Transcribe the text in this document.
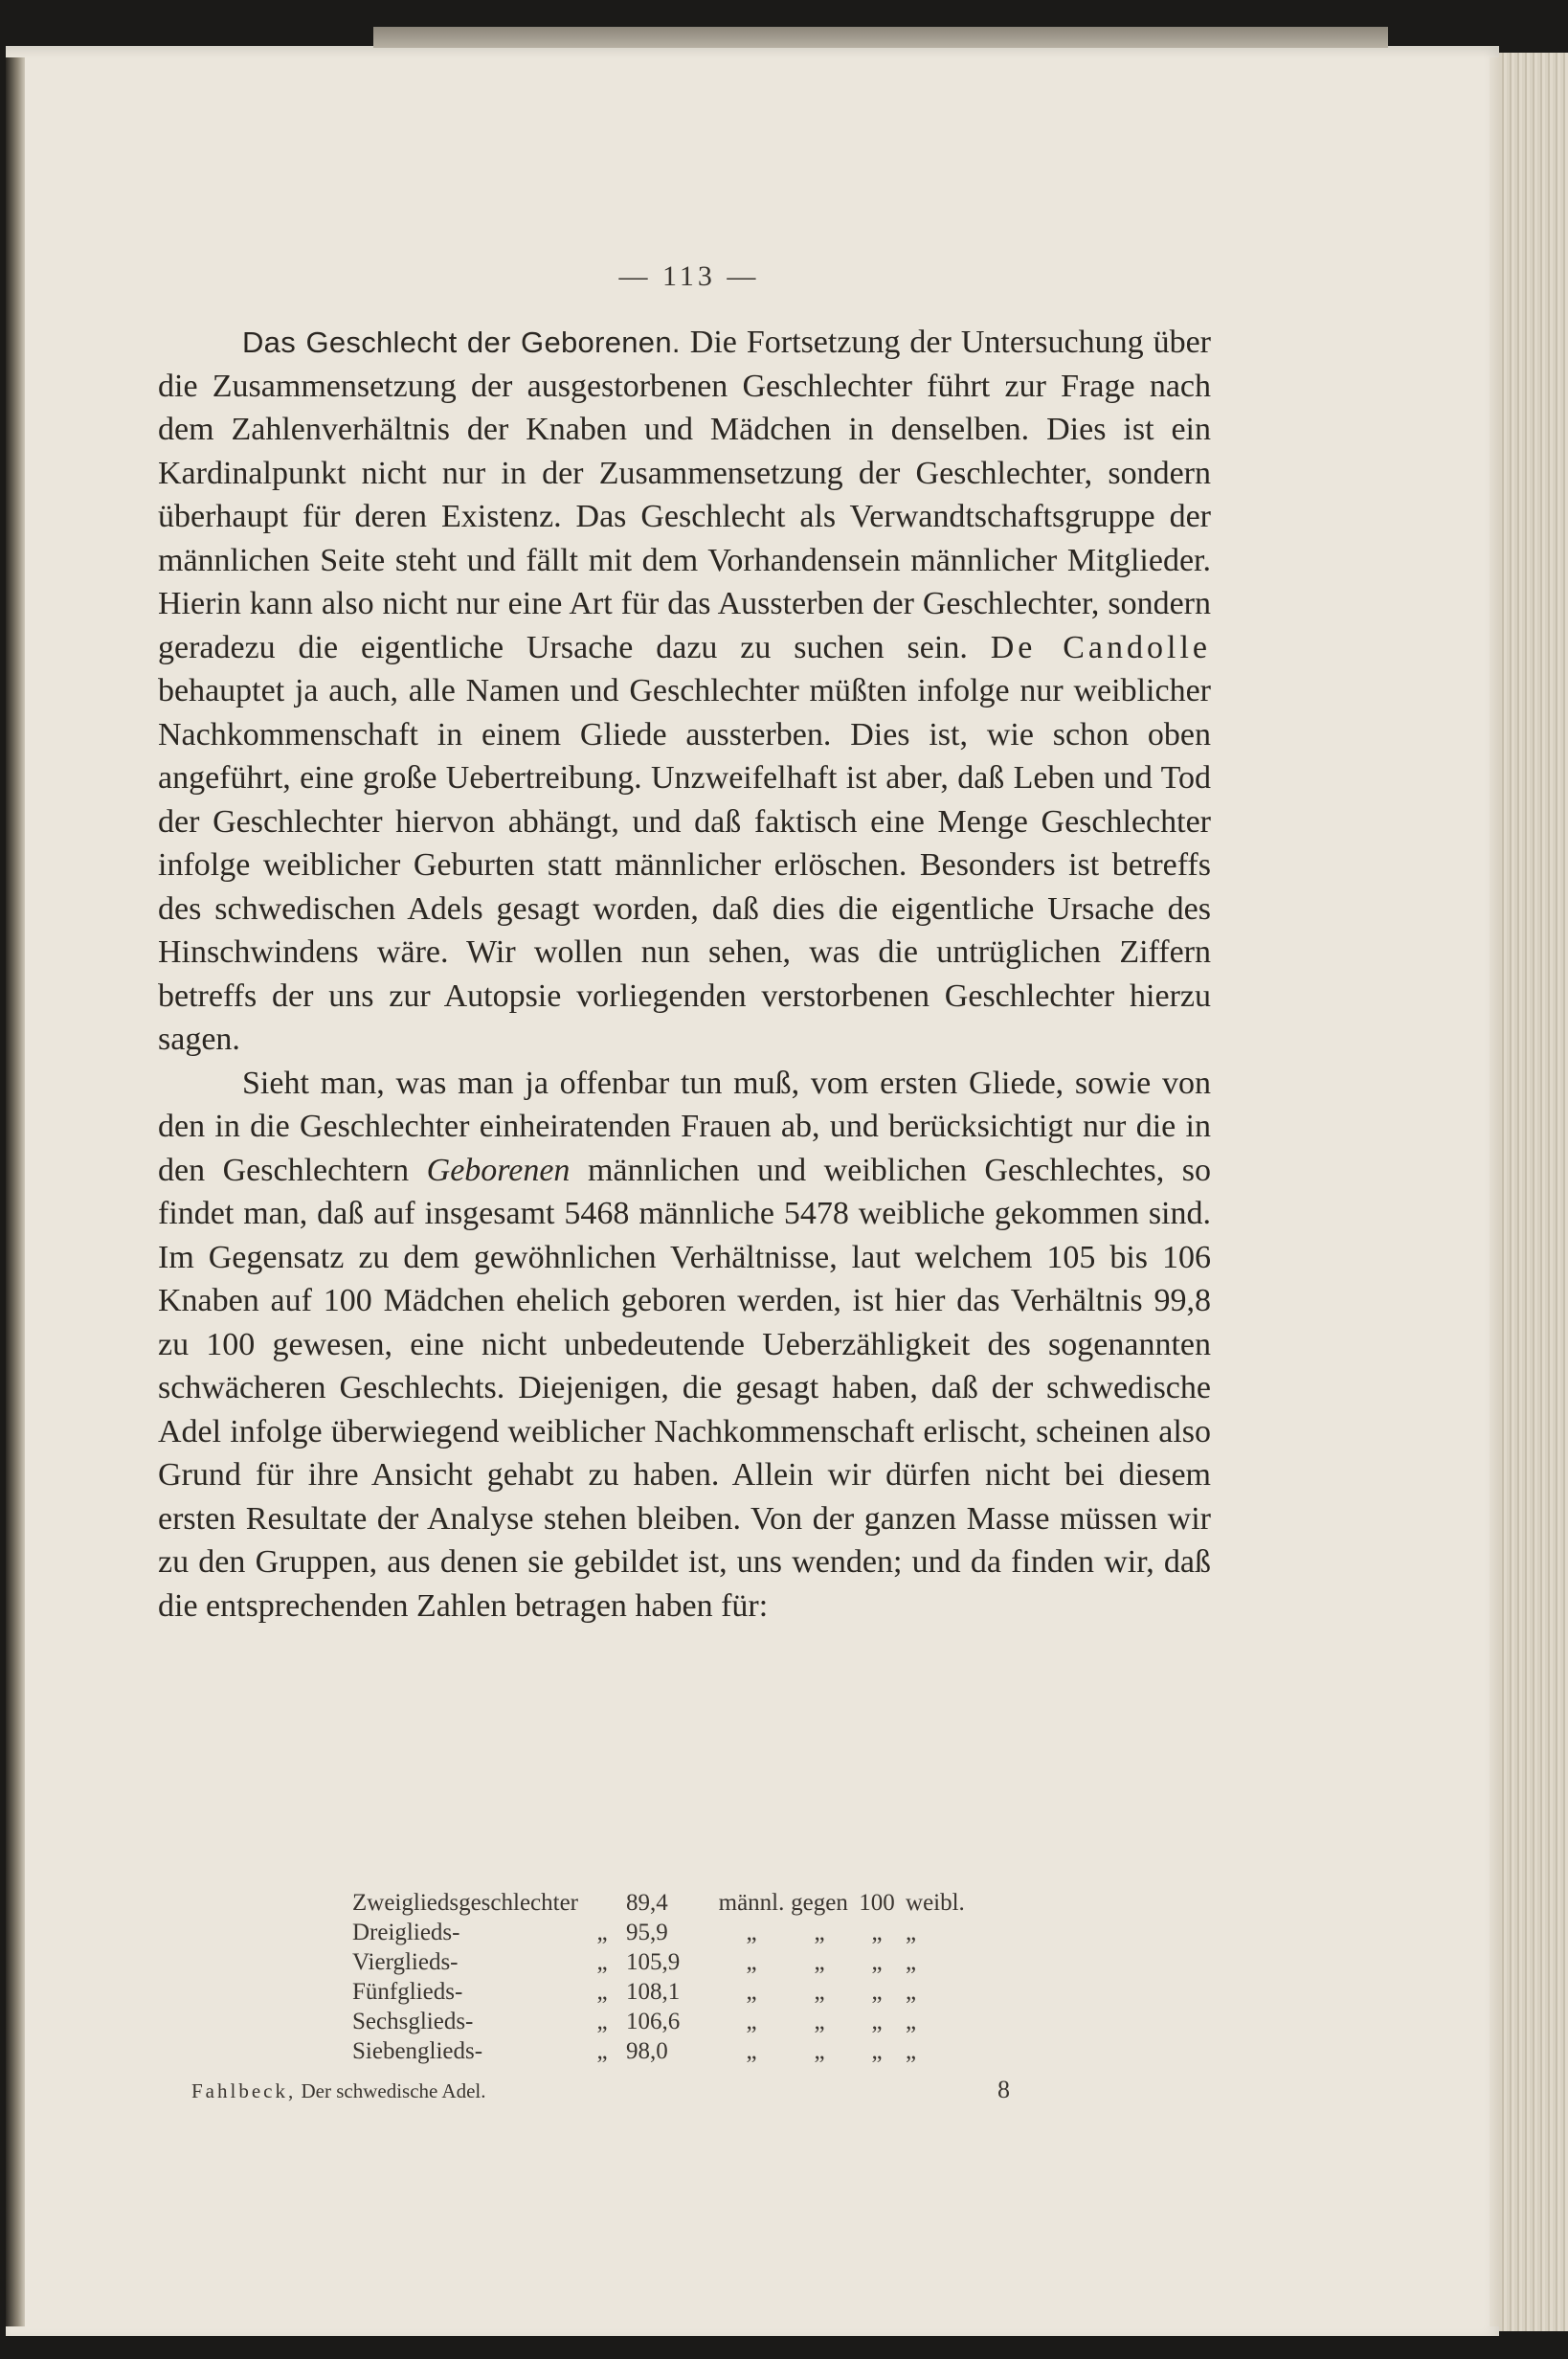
— 113 —

Das Geschlecht der Geborenen. Die Fortsetzung der Untersuchung über die Zusammensetzung der ausgestorbenen Geschlechter führt zur Frage nach dem Zahlenverhältnis der Knaben und Mädchen in denselben. Dies ist ein Kardinalpunkt nicht nur in der Zusammensetzung der Geschlechter, sondern überhaupt für deren Existenz. Das Geschlecht als Verwandtschaftsgruppe der männlichen Seite steht und fällt mit dem Vorhandensein männlicher Mitglieder. Hierin kann also nicht nur eine Art für das Aussterben der Geschlechter, sondern geradezu die eigentliche Ursache dazu zu suchen sein. De Candolle behauptet ja auch, alle Namen und Geschlechter müßten infolge nur weiblicher Nachkommenschaft in einem Gliede aussterben. Dies ist, wie schon oben angeführt, eine große Uebertreibung. Unzweifelhaft ist aber, daß Leben und Tod der Geschlechter hiervon abhängt, und daß faktisch eine Menge Geschlechter infolge weiblicher Geburten statt männlicher erlöschen. Besonders ist betreffs des schwedischen Adels gesagt worden, daß dies die eigentliche Ursache des Hinschwindens wäre. Wir wollen nun sehen, was die untrüglichen Ziffern betreffs der uns zur Autopsie vorliegenden verstorbenen Geschlechter hierzu sagen.

Sieht man, was man ja offenbar tun muß, vom ersten Gliede, sowie von den in die Geschlechter einheiratenden Frauen ab, und berücksichtigt nur die in den Geschlechtern Geborenen männlichen und weiblichen Geschlechtes, so findet man, daß auf insgesamt 5468 männliche 5478 weibliche gekommen sind. Im Gegensatz zu dem gewöhnlichen Verhältnisse, laut welchem 105 bis 106 Knaben auf 100 Mädchen ehelich geboren werden, ist hier das Verhältnis 99,8 zu 100 gewesen, eine nicht unbedeutende Ueberzähligkeit des sogenannten schwächeren Geschlechts. Diejenigen, die gesagt haben, daß der schwedische Adel infolge überwiegend weiblicher Nachkommenschaft erlischt, scheinen also Grund für ihre Ansicht gehabt zu haben. Allein wir dürfen nicht bei diesem ersten Resultate der Analyse stehen bleiben. Von der ganzen Masse müssen wir zu den Gruppen, aus denen sie gebildet ist, uns wenden; und da finden wir, daß die entsprechenden Zahlen betragen haben für:

Zweigliedsgeschlechter		89,4	männl.	gegen	100	weibl.
Dreiglieds-	„	95,9	„	„	„	„
Vierglieds-	„	105,9	„	„	„	„
Fünfglieds-	„	108,1	„	„	„	„
Sechsglieds-	„	106,6	„	„	„	„
Siebenglieds-	„	98,0	„	„	„	„
Fahlbeck, Der schwedische Adel.	8
